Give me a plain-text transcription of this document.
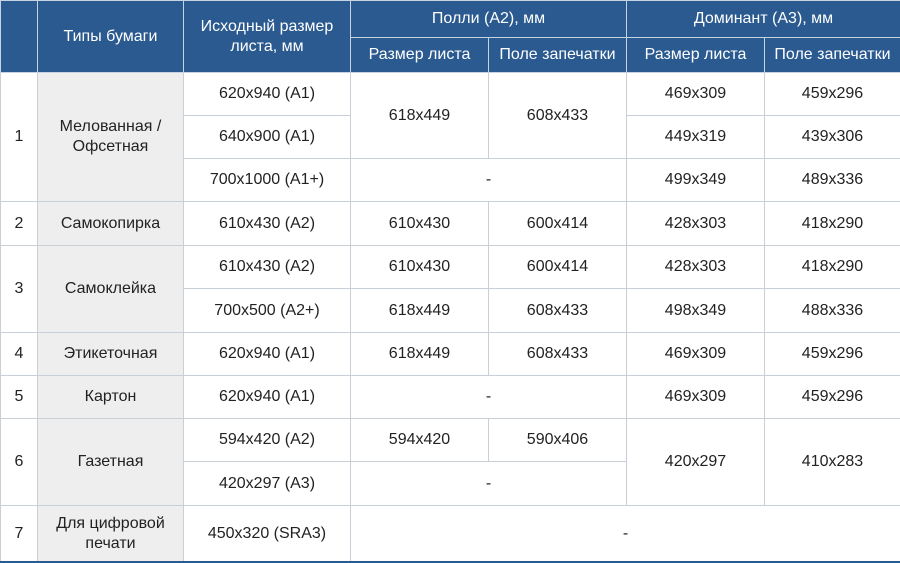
	Типы бумаги	Исходный размер листа, мм	Полли (А2), мм		Доминант (А3), мм	
			Размер листа	Поле запечатки	Размер листа	Поле запечатки
1	Мелованная / Офсетная	620x940 (A1)	618x449	608x433	469x309	459x296
		640x900 (A1)			449x319	439x306
		700x1000 (A1+)	-		499x349	489x336
2	Самокопирка	610x430 (A2)	610x430	600x414	428x303	418x290
3	Самоклейка	610x430 (A2)	610x430	600x414	428x303	418x290
		700x500 (A2+)	618x449	608x433	498x349	488x336
4	Этикеточная	620x940 (A1)	618x449	608x433	469x309	459x296
5	Картон	620x940 (A1)	-		469x309	459x296
6	Газетная	594x420 (A2)	594x420	590x406	420x297	410x283
		420x297 (A3)	-			
7	Для цифровой печати	450x320 (SRA3)	-			
